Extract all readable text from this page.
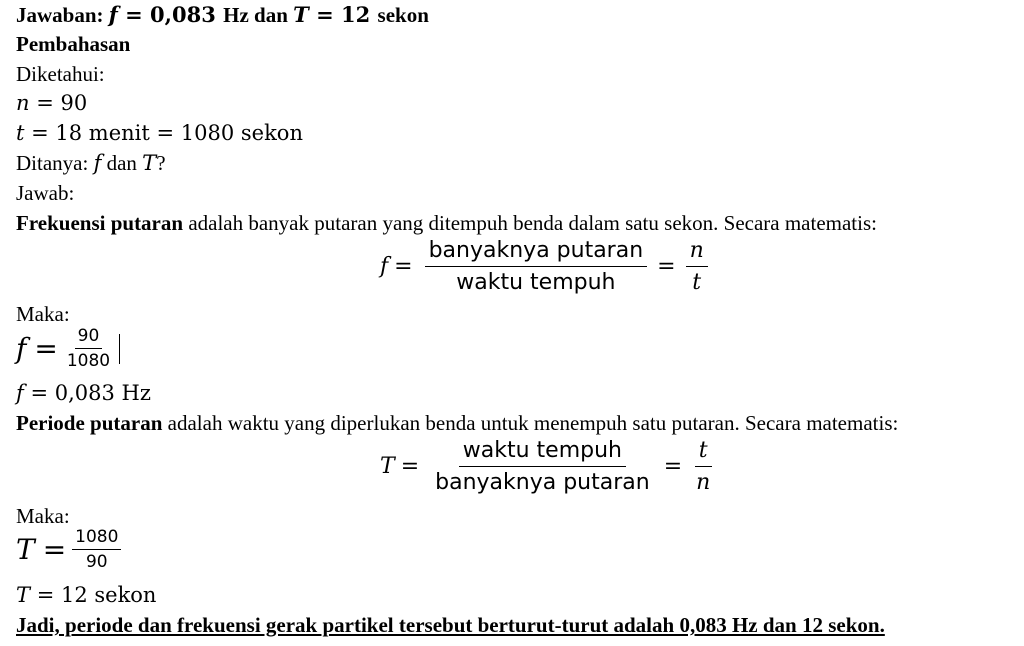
Jawaban: f = 0,083 Hz dan T = 12 sekon
Pembahasan
Diketahui:
n = 90
t = 18 menit = 1080 sekon
Ditanya: f dan T?
Jawab:
Frekuensi putaran adalah banyak putaran yang ditempuh benda dalam satu sekon. Secara matematis:
$f = \frac{\text{banyaknya putaran}}{\text{waktu tempuh}} = \frac{n}{t}$
Maka:
$f = \frac{90}{1080}$
f = 0,083 Hz
Periode putaran adalah waktu yang diperlukan benda untuk menempuh satu putaran. Secara matematis:
$T = \frac{\text{waktu tempuh}}{\text{banyaknya putaran}} = \frac{t}{n}$
Maka:
$T = \frac{1080}{90}$
T = 12 sekon
Jadi, periode dan frekuensi gerak partikel tersebut berturut-turut adalah 0,083 Hz dan 12 sekon.
